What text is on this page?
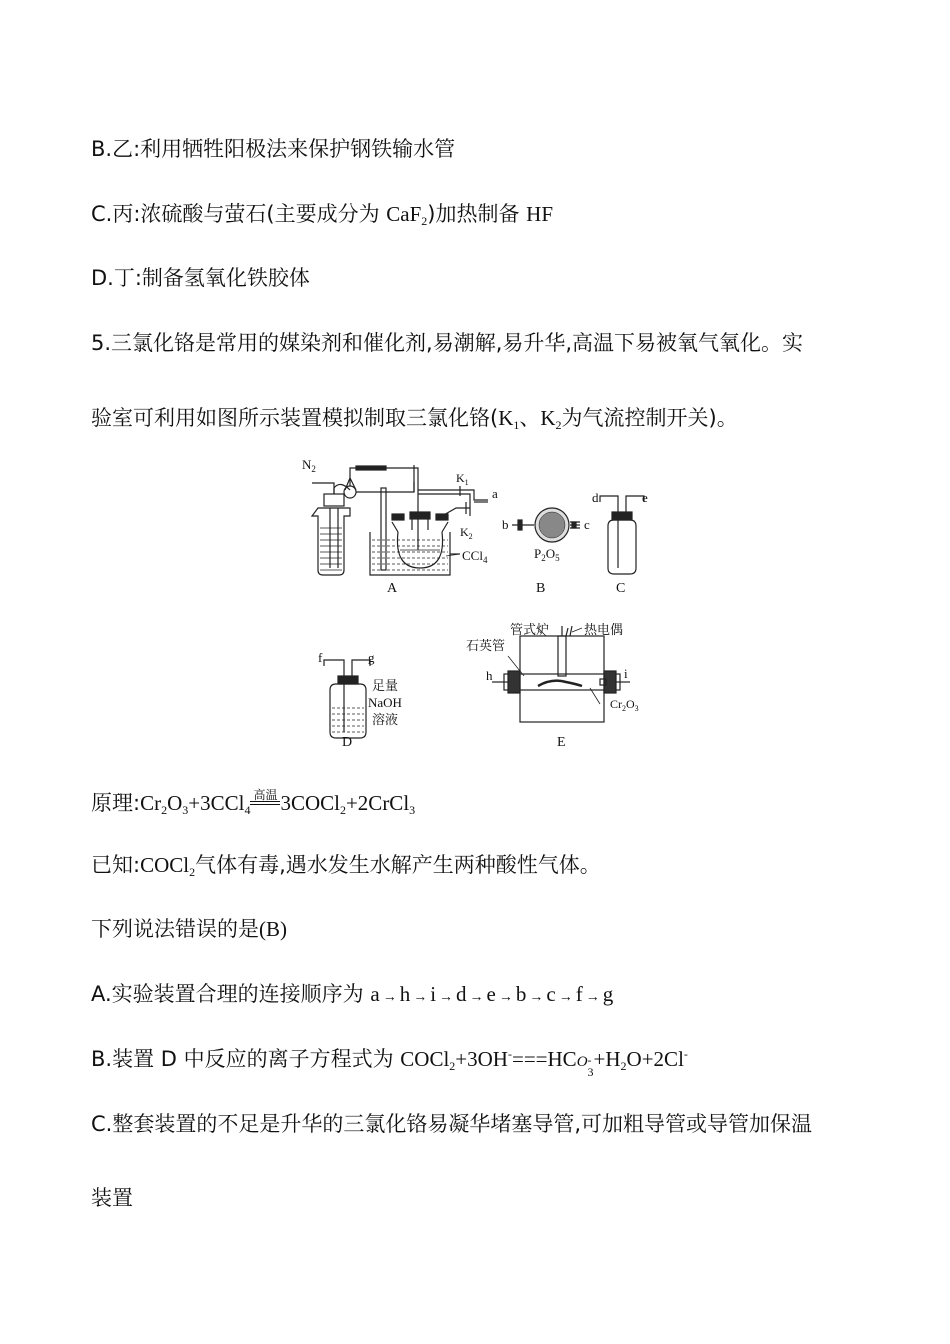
B.乙:利用牺牲阳极法来保护钢铁输水管
C.丙:浓硫酸与萤石(主要成分为 CaF$_2$)加热制备 HF
D.丁:制备氢氧化铁胶体
5.三氯化铬是常用的媒染剂和催化剂,易潮解,易升华,高温下易被氧气氧化。实
验室可利用如图所示装置模拟制取三氯化铬($K_1$、$K_2$为气流控制开关)。
$N_2$
$K_1$
$K_2$
a
CCl$_4$
A
b	c
$P_2O_5$
B
d	e
C
f	g
足量
NaOH
溶液
D
管式炉	热电偶
石英管
h	i
$Cr_2O_3$
E
原理$:Cr_2O_3+3CCl_4$
高温 3COCl$_2$+2CrCl$_3$
已知:COCl$_2$气体有毒,遇水发生水解产生两种酸性气体。
下列说法错误的是(B)
A.实验装置合理的连接顺序为 a → h → i → d → e → b → c → f → g
B.装置 D 中反应的离子方程式为 COCl$_2$+3OH-===HCO -
3
$+H_2O+2Cl^-$
C.整套装置的不足是升华的三氯化铬易凝华堵塞导管,可加粗导管或导管加保温
装置
